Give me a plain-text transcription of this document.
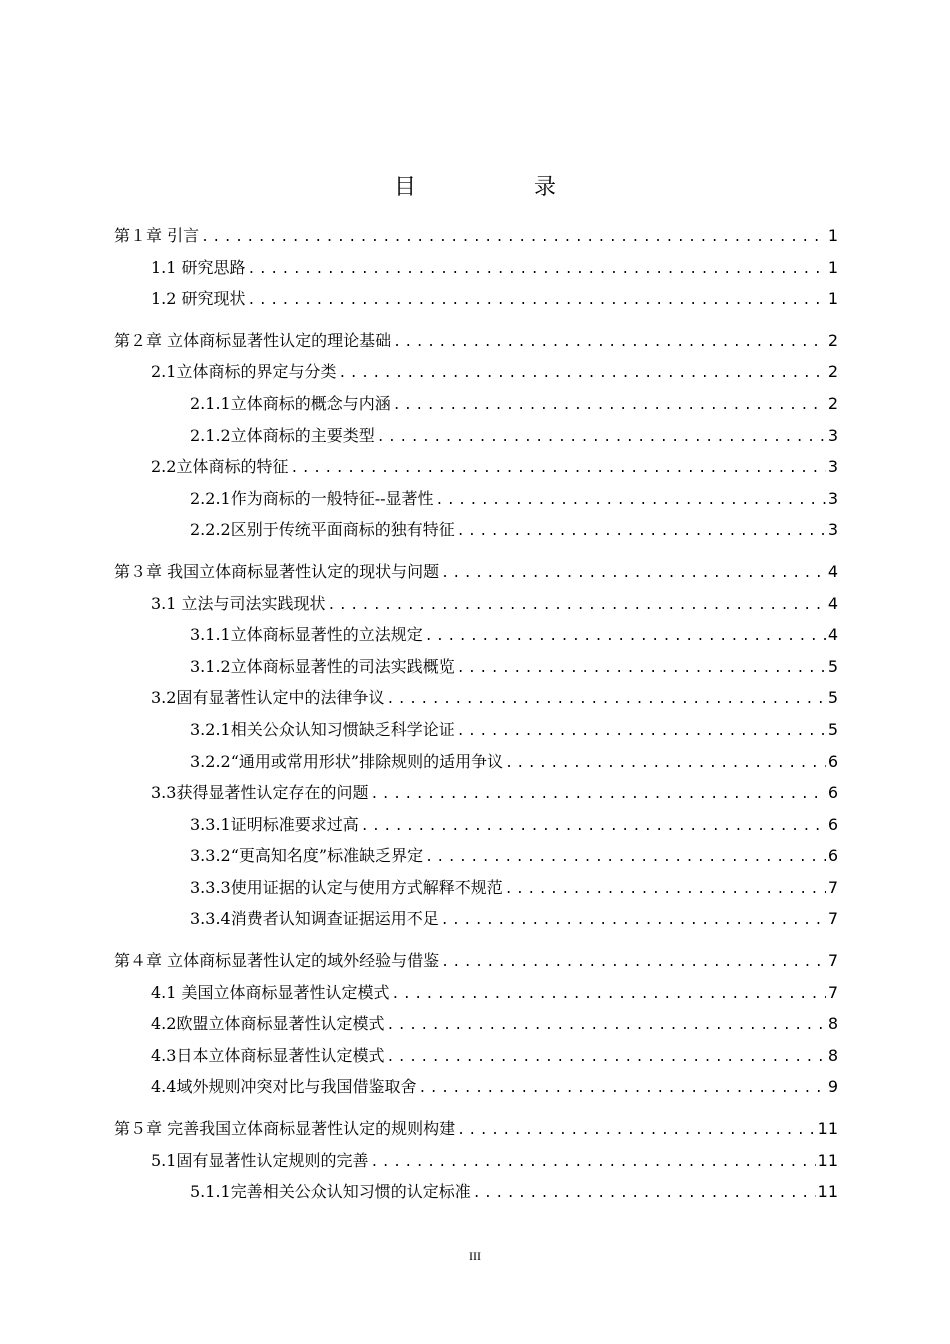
目　录
第１章 引言 .....	1
1.1 研究思路 .....	1
1.2 研究现状 .....	1
第２章 立体商标显著性认定的理论基础 .....	2
2.1立体商标的界定与分类 .....	2
2.1.1立体商标的概念与内涵 .....	2
2.1.2立体商标的主要类型 .....	3
2.2立体商标的特征 .....	3
2.2.1作为商标的一般特征--显著性 .....	3
2.2.2区别于传统平面商标的独有特征 .....	3
第３章 我国立体商标显著性认定的现状与问题 .....	4
3.1 立法与司法实践现状 .....	4
3.1.1立体商标显著性的立法规定 .....	4
3.1.2立体商标显著性的司法实践概览 .....	5
3.2固有显著性认定中的法律争议 .....	5
3.2.1相关公众认知习惯缺乏科学论证 .....	5
3.2.2“通用或常用形状”排除规则的适用争议 .....	6
3.3获得显著性认定存在的问题 .....	6
3.3.1证明标准要求过高 .....	6
3.3.2“更高知名度”标准缺乏界定 .....	6
3.3.3使用证据的认定与使用方式解释不规范 .....	7
3.3.4消费者认知调查证据运用不足 .....	7
第４章 立体商标显著性认定的域外经验与借鉴 .....	7
4.1 美国立体商标显著性认定模式 .....	7
4.2欧盟立体商标显著性认定模式 .....	8
4.3日本立体商标显著性认定模式 .....	8
4.4域外规则冲突对比与我国借鉴取舍 .....	9
第５章 完善我国立体商标显著性认定的规则构建 .....	11
5.1固有显著性认定规则的完善 .....	11
5.1.1完善相关公众认知习惯的认定标准 .....	11
III
